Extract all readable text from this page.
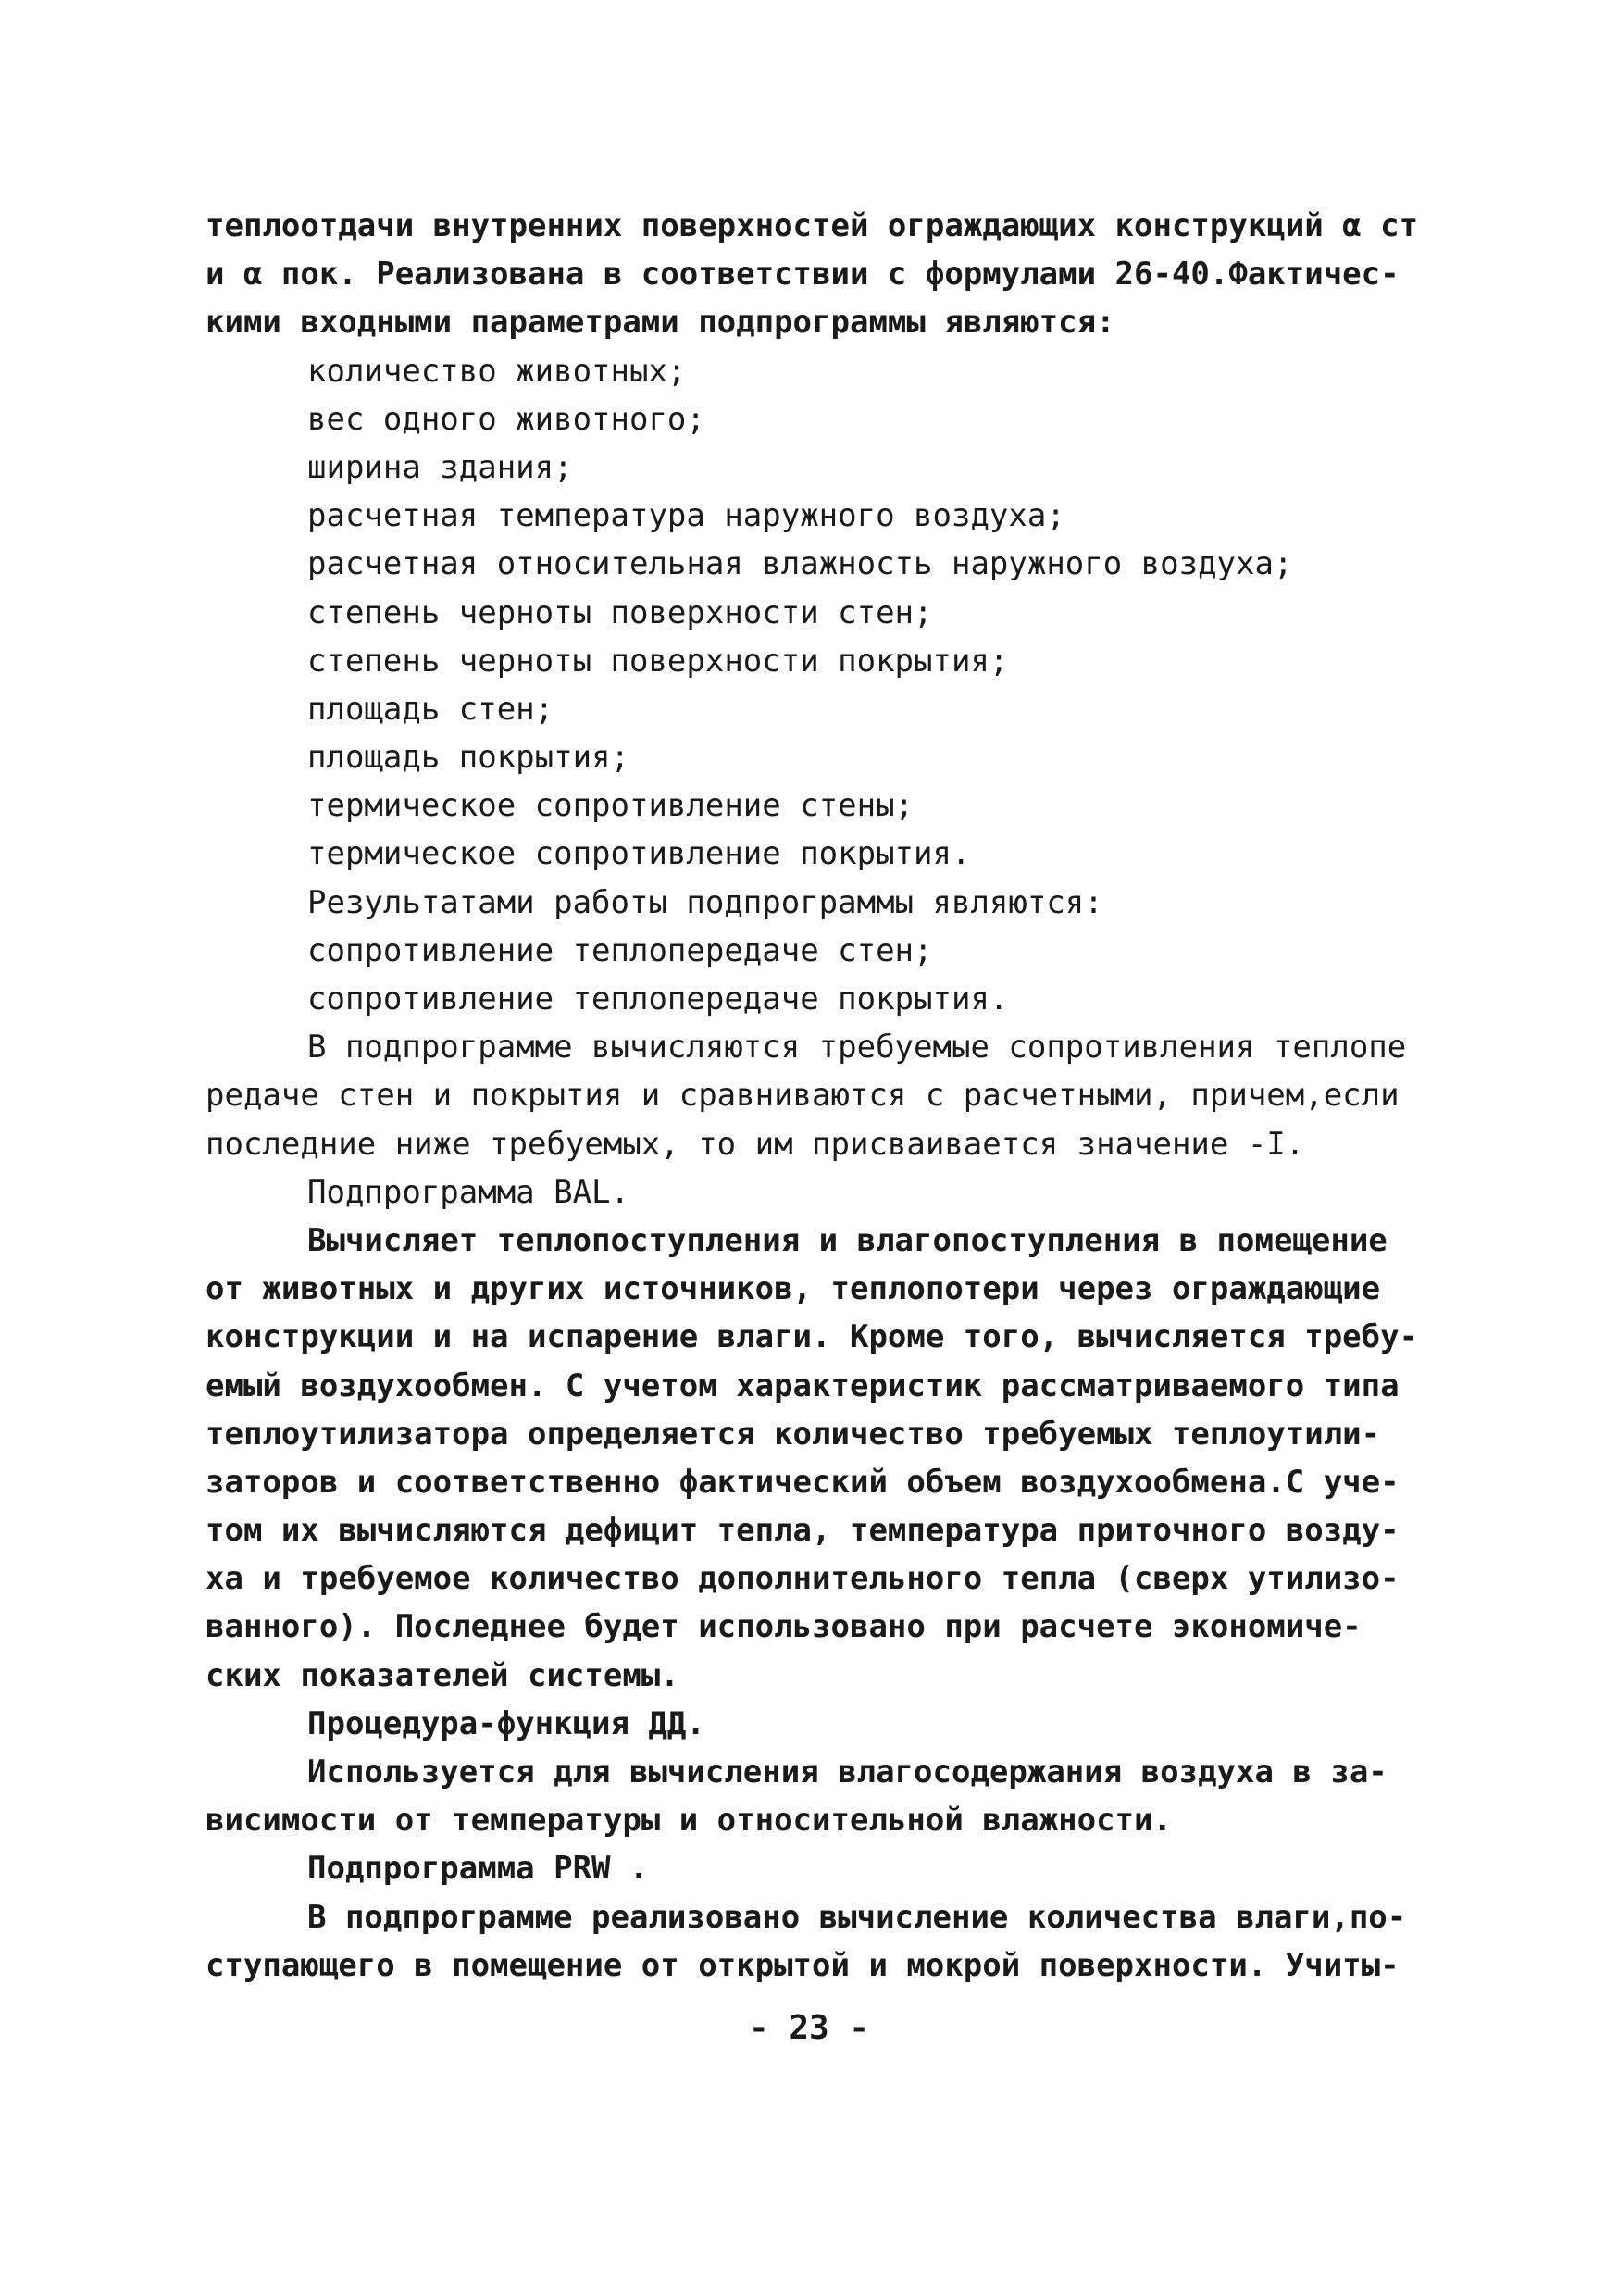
теплоотдачи внутренних поверхностей ограждающих конструкций α ст
и α пок. Реализована в соответствии с формулами 26-40.Фактичес-
кими входными параметрами подпрограммы являются:
количество животных;
вес одного животного;
ширина здания;
расчетная температура наружного воздуха;
расчетная относительная влажность наружного воздуха;
степень черноты поверхности стен;
степень черноты поверхности покрытия;
площадь стен;
площадь покрытия;
термическое сопротивление стены;
термическое сопротивление покрытия.
Результатами работы подпрограммы являются:
сопротивление теплопередаче стен;
сопротивление теплопередаче покрытия.
В подпрограмме вычисляются требуемые сопротивления теплопе
редаче стен и покрытия и сравниваются с расчетными, причем,если
последние ниже требуемых, то им присваивается значение -I.
Подпрограмма BAL.
Вычисляет теплопоступления и влагопоступления в помещение
от животных и других источников, теплопотери через ограждающие
конструкции и на испарение влаги. Кроме того, вычисляется требу-
емый воздухообмен. С учетом характеристик рассматриваемого типа
теплоутилизатора определяется количество требуемых теплоутили-
заторов и соответственно фактический объем воздухообмена.С уче-
том их вычисляются дефицит тепла, температура приточного возду-
ха и требуемое количество дополнительного тепла (сверх утилизо-
ванного). Последнее будет использовано при расчете экономиче-
ских показателей системы.
Процедура-функция ДД.
Используется для вычисления влагосодержания воздуха в за-
висимости от температуры и относительной влажности.
Подпрограмма PRW .
В подпрограмме реализовано вычисление количества влаги,по-
ступающего в помещение от открытой и мокрой поверхности. Учиты-
- 23 -
